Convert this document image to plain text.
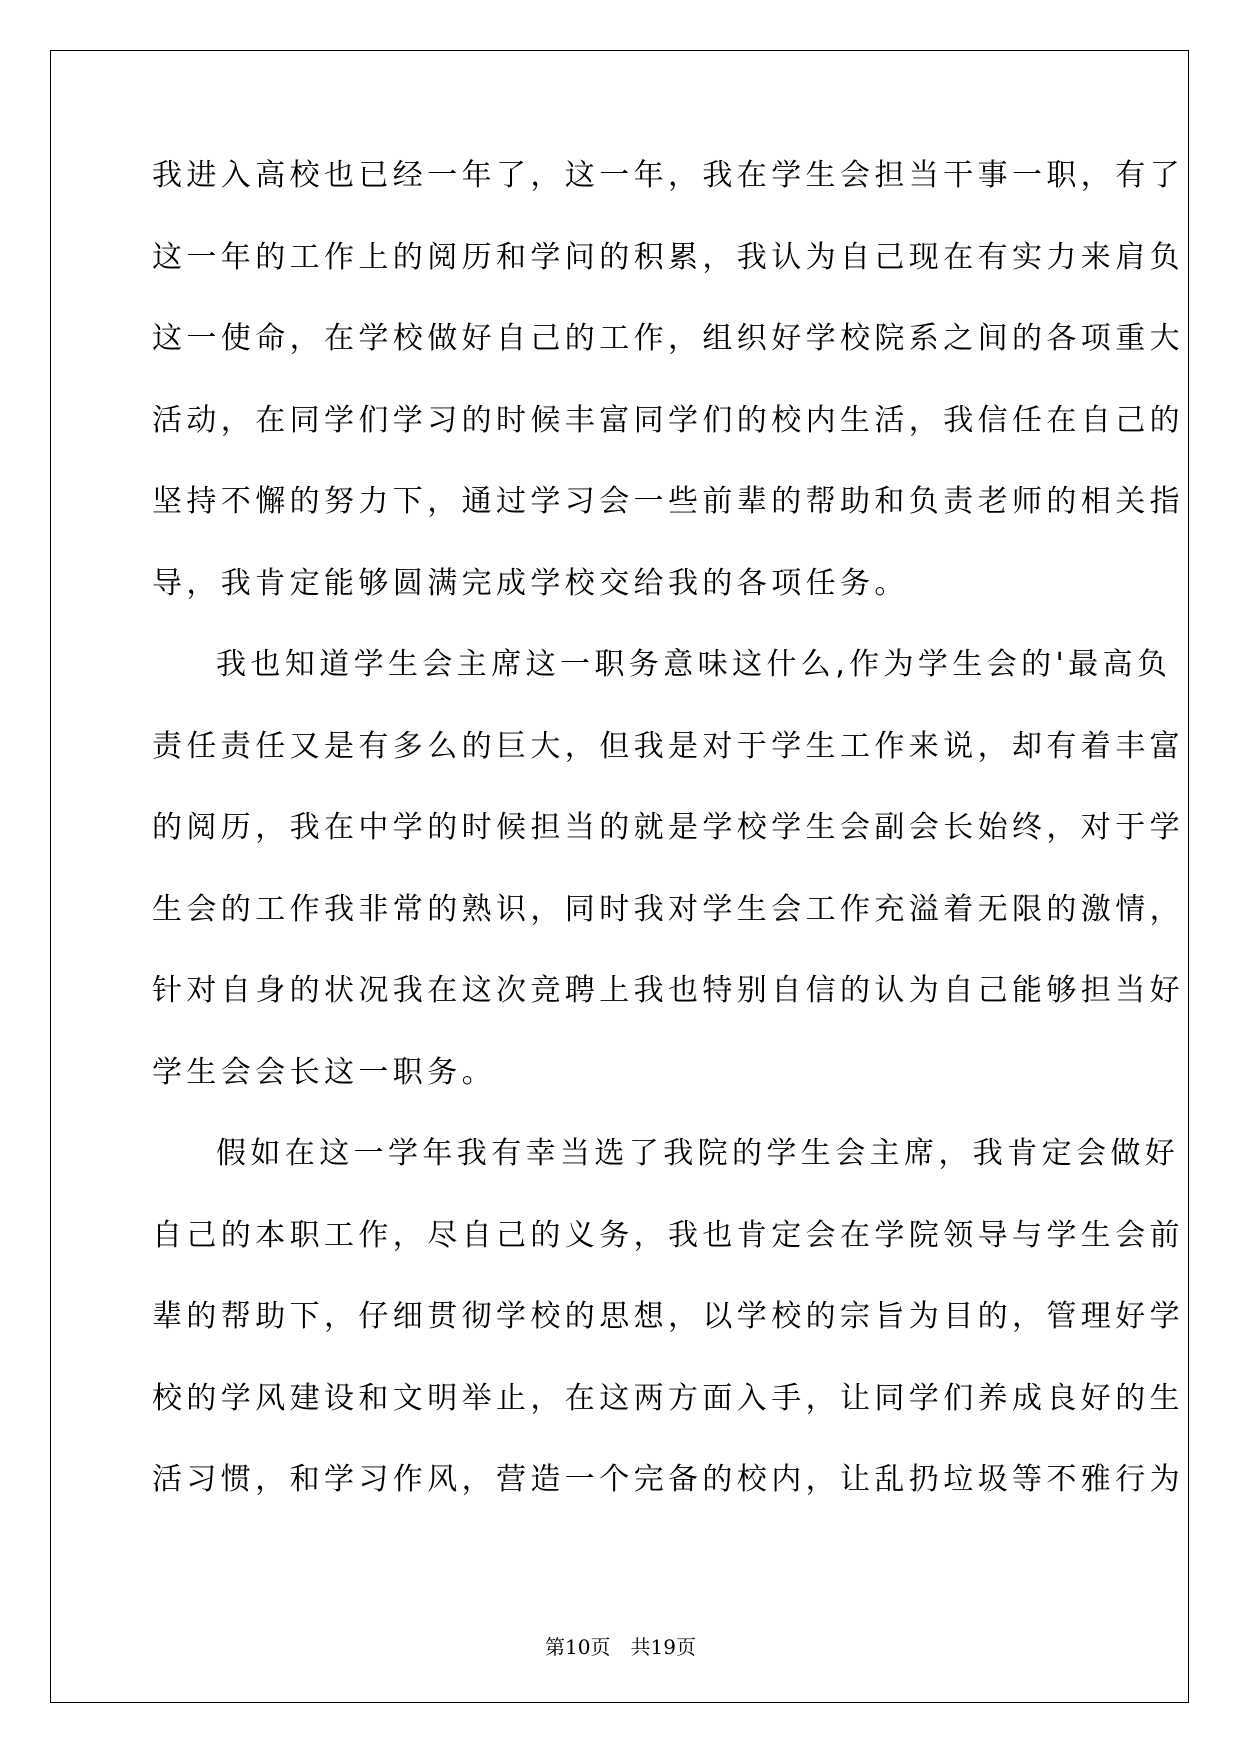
我进入高校也已经一年了，这一年，我在学生会担当干事一职，有了
这一年的工作上的阅历和学问的积累，我认为自己现在有实力来肩负
这一使命，在学校做好自己的工作，组织好学校院系之间的各项重大
活动，在同学们学习的时候丰富同学们的校内生活，我信任在自己的
坚持不懈的努力下，通过学习会一些前辈的帮助和负责老师的相关指
导，我肯定能够圆满完成学校交给我的各项任务。
我也知道学生会主席这一职务意味这什么,作为学生会的'最高负
责任责任又是有多么的巨大，但我是对于学生工作来说，却有着丰富
的阅历，我在中学的时候担当的就是学校学生会副会长始终，对于学
生会的工作我非常的熟识，同时我对学生会工作充溢着无限的激情，
针对自身的状况我在这次竞聘上我也特别自信的认为自己能够担当好
学生会会长这一职务。
假如在这一学年我有幸当选了我院的学生会主席，我肯定会做好
自己的本职工作，尽自己的义务，我也肯定会在学院领导与学生会前
辈的帮助下，仔细贯彻学校的思想，以学校的宗旨为目的，管理好学
校的学风建设和文明举止，在这两方面入手，让同学们养成良好的生
活习惯，和学习作风，营造一个完备的校内，让乱扔垃圾等不雅行为
第10页　共19页
